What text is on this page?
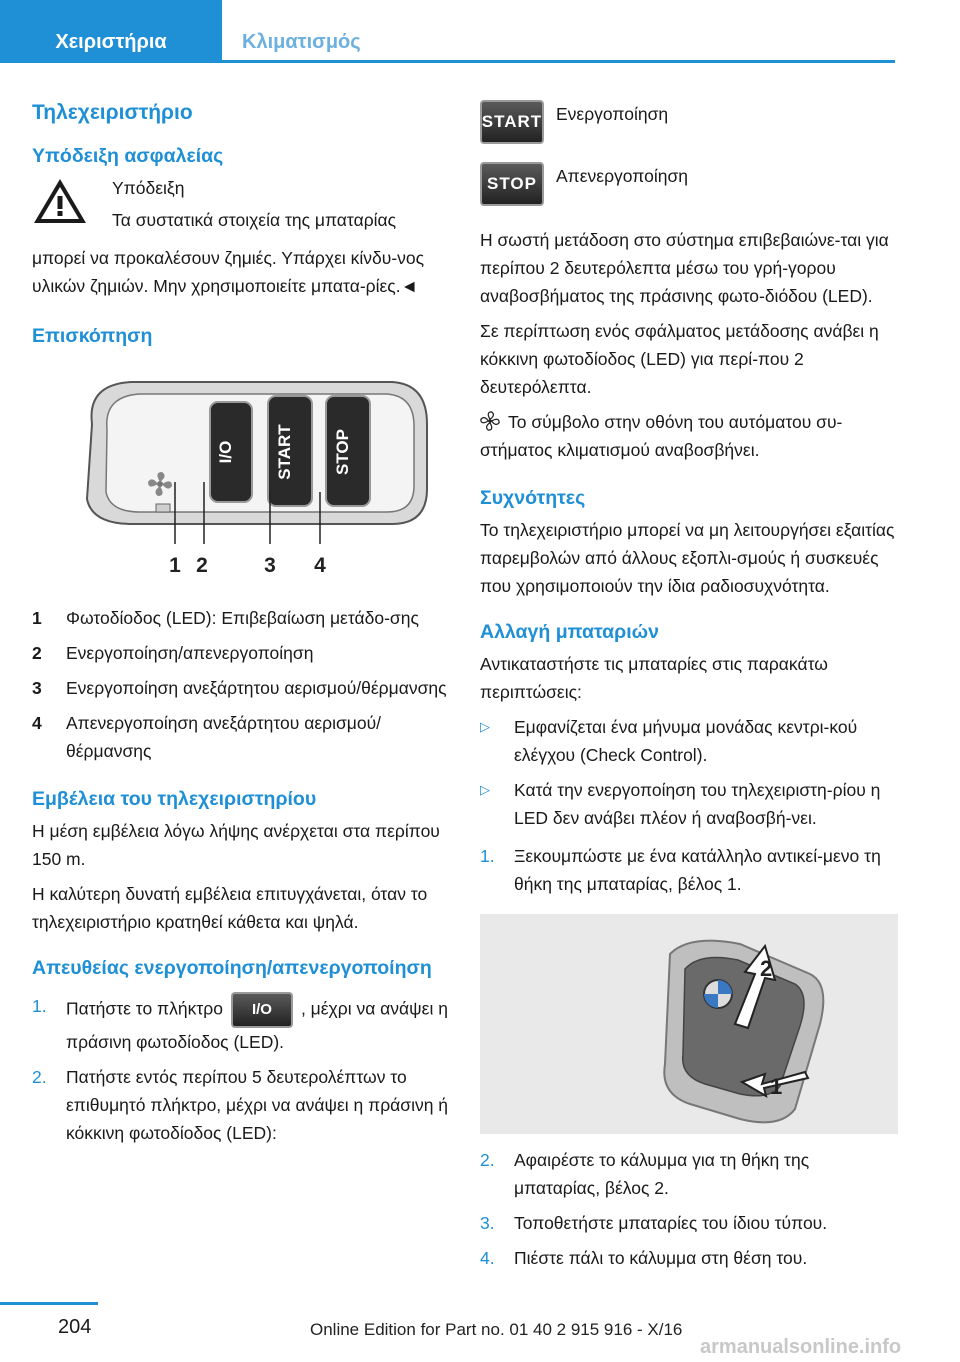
Χειριστήρια	Κλιματισμός
Τηλεχειριστήριο
Υπόδειξη ασφαλείας

Υπόδειξη

Τα συστατικά στοιχεία της μπαταρίας

μπορεί να προκαλέσουν ζημιές. Υπάρχει κίνδυ-νος υλικών ζημιών. Μην χρησιμοποιείτε μπατα-ρίες.◄

Επισκόπηση
I/O START STOP
1 2	3 4
1 Φωτοδίοδος (LED): Επιβεβαίωση μετάδο-σης
2 Ενεργοποίηση/απενεργοποίηση
3 Ενεργοποίηση ανεξάρτητου αερισμού/θέρμανσης
4 Απενεργοποίηση ανεξάρτητου αερισμού/θέρμανσης
Εμβέλεια του τηλεχειριστηρίου

Η μέση εμβέλεια λόγω λήψης ανέρχεται στα περίπου 150 m.

Η καλύτερη δυνατή εμβέλεια επιτυγχάνεται, όταν το τηλεχειριστήριο κρατηθεί κάθετα και ψηλά.

Απευθείας ενεργοποίηση/απενεργοποίηση
1. Πατήστε το πλήκτρο I/O , μέχρι να ανάψει η πράσινη φωτοδίοδος (LED).
2. Πατήστε εντός περίπου 5 δευτερολέπτων το επιθυμητό πλήκτρο, μέχρι να ανάψει η πράσινη ή κόκκινη φωτοδίοδος (LED):
START Ενεργοποίηση
STOP Απενεργοποίηση

Η σωστή μετάδοση στο σύστημα επιβεβαιώνε-ται για περίπου 2 δευτερόλεπτα μέσω του γρή-γορου αναβοσβήματος της πράσινης φωτο-διόδου (LED).

Σε περίπτωση ενός σφάλματος μετάδοσης ανάβει η κόκκινη φωτοδίοδος (LED) για περί-που 2 δευτερόλεπτα.

Το σύμβολο στην οθόνη του αυτόματου συ-στήματος κλιματισμού αναβοσβήνει.

Συχνότητες

Το τηλεχειριστήριο μπορεί να μη λειτουργήσει εξαιτίας παρεμβολών από άλλους εξοπλι-σμούς ή συσκευές που χρησιμοποιούν την ίδια ραδιοσυχνότητα.

Αλλαγή μπαταριών

Αντικαταστήστε τις μπαταρίες στις παρακάτω περιπτώσεις:

▷ Εμφανίζεται ένα μήνυμα μονάδας κεντρι-κού ελέγχου (Check Control).
▷ Κατά την ενεργοποίηση του τηλεχειριστη-ρίου η LED δεν ανάβει πλέον ή αναβοσβή-νει.
1. Ξεκουμπώστε με ένα κατάλληλο αντικεί-μενο τη θήκη της μπαταρίας, βέλος 1.
2
1
2. Αφαιρέστε το κάλυμμα για τη θήκη της μπαταρίας, βέλος 2.
3. Τοποθετήστε μπαταρίες του ίδιου τύπου.
4. Πιέστε πάλι το κάλυμμα στη θέση του.
204	Online Edition for Part no. 01 40 2 915 916 - X/16
armanualsonline.info
